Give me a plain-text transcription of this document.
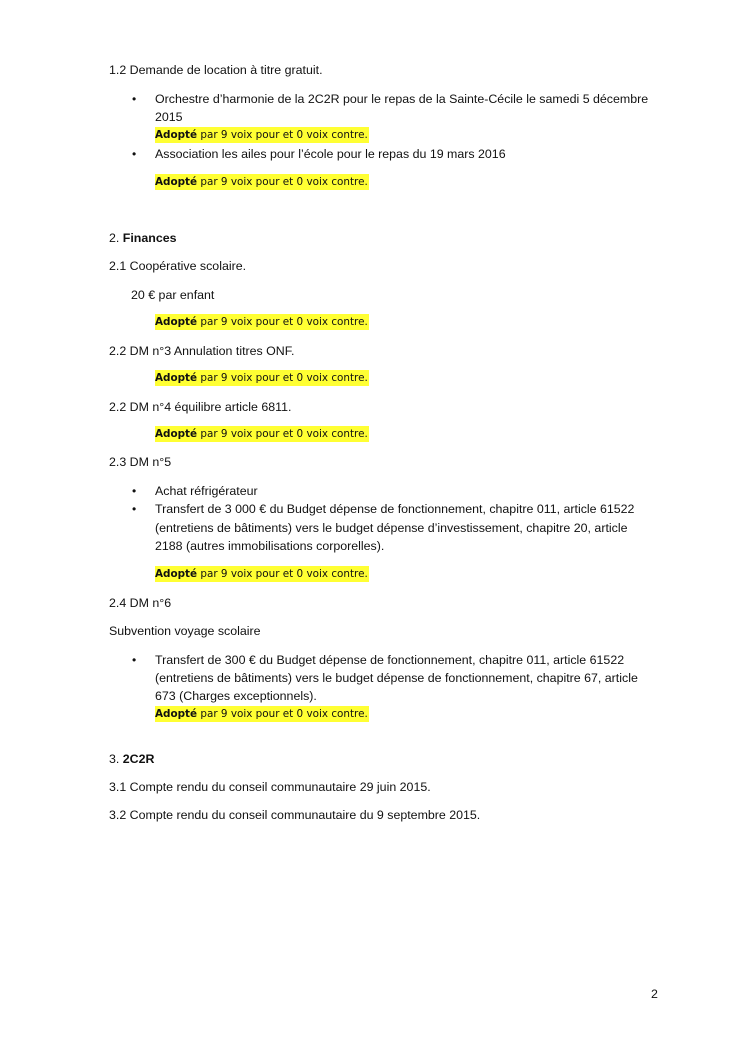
1.2 Demande de location à titre gratuit.

• Orchestre d’harmonie de la 2C2R pour le repas de la Sainte-Cécile le samedi 5 décembre

2015

Adopté par 9 voix pour et 0 voix contre.
• Association les ailes pour l’école pour le repas du 19 mars 2016

Adopté par 9 voix pour et 0 voix contre.

2. Finances

2.1 Coopérative scolaire.

20 € par enfant

Adopté par 9 voix pour et 0 voix contre.

2.2 DM n°3 Annulation titres ONF.

Adopté par 9 voix pour et 0 voix contre.

2.2 DM n°4 équilibre article 6811.

Adopté par 9 voix pour et 0 voix contre.

2.3 DM n°5

• Achat réfrigérateur

• Transfert de 3 000 € du Budget dépense de fonctionnement, chapitre 011, article 61522

(entretiens de bâtiments) vers le budget dépense d’investissement, chapitre 20, article

2188 (autres immobilisations corporelles).

Adopté par 9 voix pour et 0 voix contre.

2.4 DM n°6

Subvention voyage scolaire

• Transfert de 300 € du Budget dépense de fonctionnement, chapitre 011, article 61522

(entretiens de bâtiments) vers le budget dépense de fonctionnement, chapitre 67, article

673 (Charges exceptionnels).

Adopté par 9 voix pour et 0 voix contre.

3. 2C2R

3.1 Compte rendu du conseil communautaire 29 juin 2015.

3.2 Compte rendu du conseil communautaire du 9 septembre 2015.

2
